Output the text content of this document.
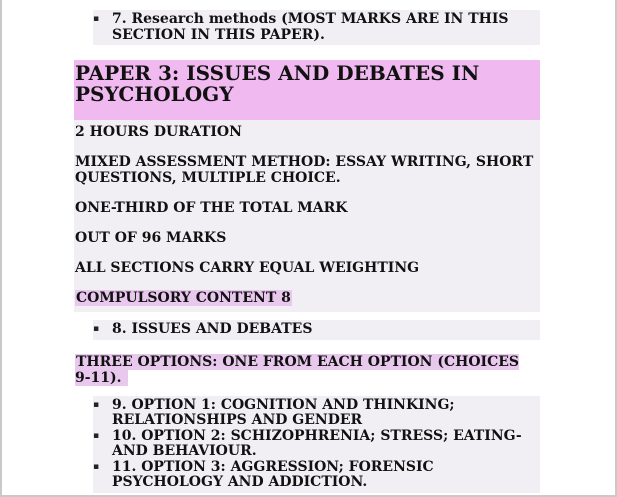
▪ 7. Research methods (MOST MARKS ARE IN THIS SECTION IN THIS PAPER).
PAPER 3: ISSUES AND DEBATES IN PSYCHOLOGY

2 HOURS DURATION

MIXED ASSESSMENT METHOD: ESSAY WRITING, SHORT QUESTIONS, MULTIPLE CHOICE.

ONE-THIRD OF THE TOTAL MARK

OUT OF 96 MARKS

ALL SECTIONS CARRY EQUAL WEIGHTING

COMPULSORY CONTENT 8

▪ 8. ISSUES AND DEBATES

THREE OPTIONS: ONE FROM EACH OPTION (CHOICES 9-11).

▪ 9. OPTION 1: COGNITION AND THINKING; RELATIONSHIPS AND GENDER
▪ 10. OPTION 2: SCHIZOPHRENIA; STRESS; EATING-AND BEHAVIOUR.
▪ 11. OPTION 3: AGGRESSION; FORENSIC PSYCHOLOGY AND ADDICTION.
